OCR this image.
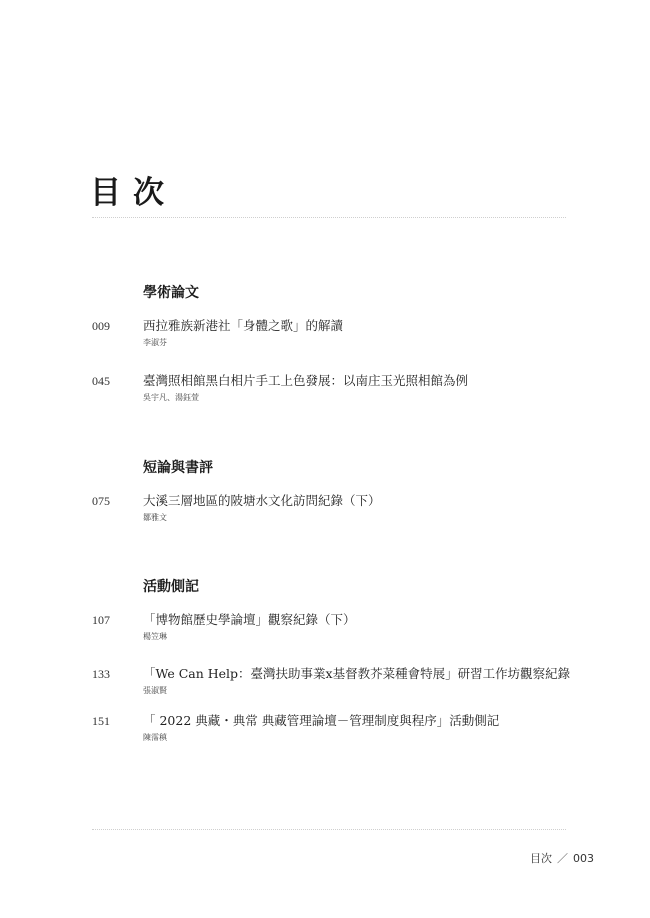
目次
學術論文
009	西拉雅族新港社「身體之歌」的解讀
李淑芬
045	臺灣照相館黑白相片手工上色發展：以南庄玉光照相館為例
吳宇凡、湯鈺萱
短論與書評
075	大溪三層地區的陂塘水文化訪問紀錄（下）
鄒雅文
活動側記
107	「博物館歷史學論壇」觀察紀錄（下）
楊笠琳
133	「We Can Help：臺灣扶助事業x基督教芥菜種會特展」研習工作坊觀察紀錄
張淑賢
151	「 2022 典藏・典常 典藏管理論壇－管理制度與程序」活動側記
陳霈稹
目次 ／ 003
